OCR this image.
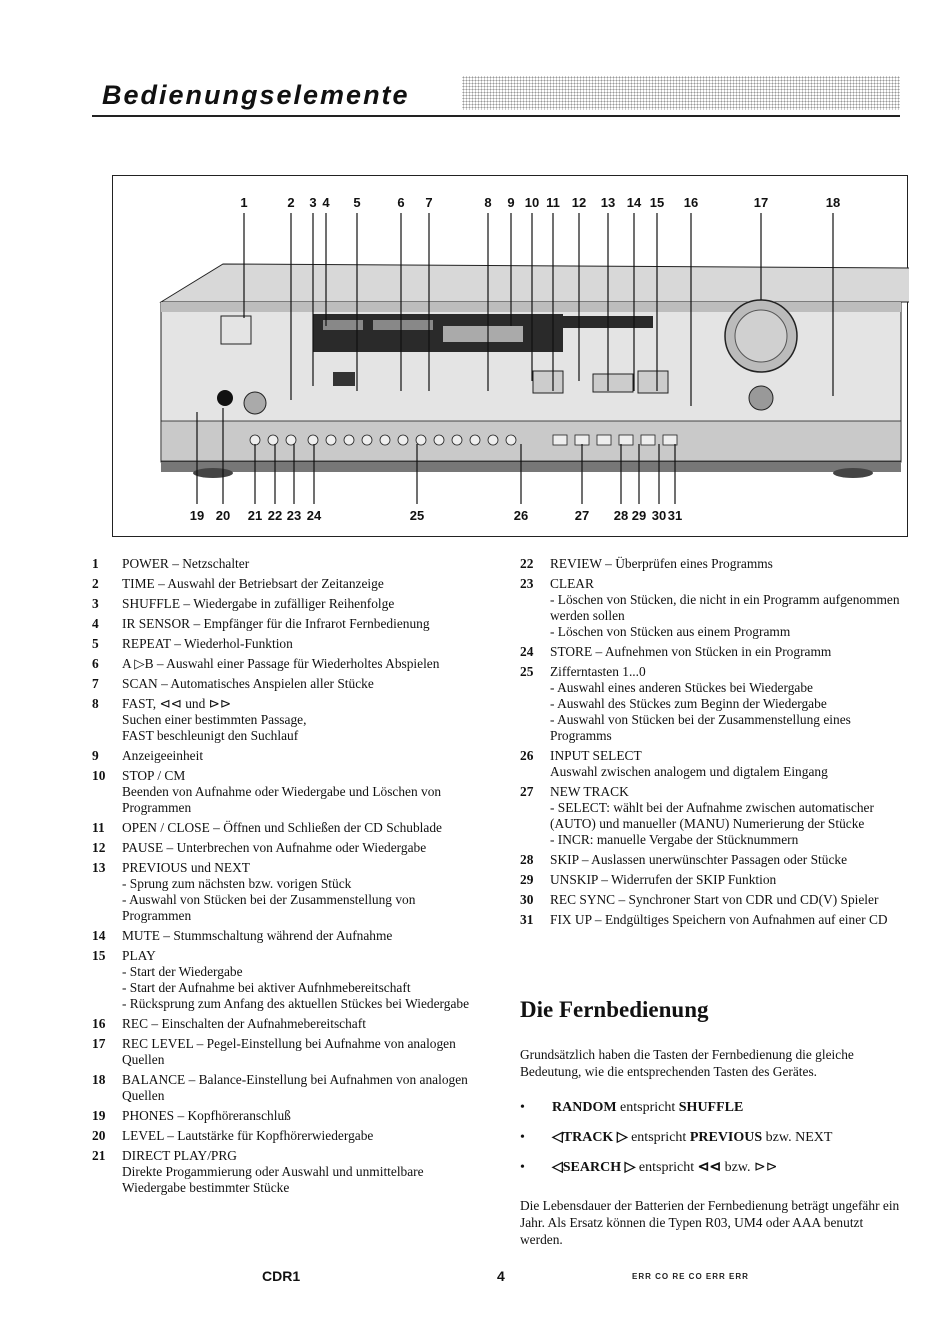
Bedienungselemente
1	2 3 4 5	6 7	8 9 10 11 12 13 14 15 16	17	18
19 20 21 22 23 24	25	26	27 28 29 30 31
1	POWER – Netzschalter
2	TIME – Auswahl der Betriebsart der Zeitanzeige
3	SHUFFLE – Wiedergabe in zufälliger Reihenfolge
4	IR SENSOR – Empfänger für die Infrarot Fernbedienung
5	REPEAT – Wiederhol-Funktion
6	A ▷B – Auswahl einer Passage für Wiederholtes Abspielen
7	SCAN – Automatisches Anspielen aller Stücke
8	FAST, ⊲⊲ und ⊳⊳
Suchen einer bestimmten Passage,
FAST beschleunigt den Suchlauf
9	Anzeigeeinheit
10	STOP / CM
Beenden von Aufnahme oder Wiedergabe und Löschen von Programmen
11	OPEN / CLOSE – Öffnen und Schließen der CD Schublade
12	PAUSE – Unterbrechen von Aufnahme oder Wiedergabe
13	PREVIOUS und NEXT
- Sprung zum nächsten bzw. vorigen Stück
- Auswahl von Stücken bei der Zusammenstellung von Programmen
14	MUTE – Stummschaltung während der Aufnahme
15	PLAY
- Start der Wiedergabe
- Start der Aufnahme bei aktiver Aufnhmebereitschaft
- Rücksprung zum Anfang des aktuellen Stückes bei Wiedergabe
16	REC – Einschalten der Aufnahmebereitschaft
17	REC LEVEL – Pegel-Einstellung bei Aufnahme von analogen Quellen
18	BALANCE – Balance-Einstellung bei Aufnahmen von analogen Quellen
19	PHONES – Kopfhöreranschluß
20	LEVEL – Lautstärke für Kopfhörerwiedergabe
21	DIRECT PLAY/PRG
Direkte Progammierung oder Auswahl und unmittelbare Wiedergabe bestimmter Stücke
22	REVIEW – Überprüfen eines Programms
23	CLEAR
- Löschen von Stücken, die nicht in ein Programm aufgenommen werden sollen
- Löschen von Stücken aus einem Programm
24	STORE – Aufnehmen von Stücken in ein Programm
25	Zifferntasten 1...0
- Auswahl eines anderen Stückes bei Wiedergabe
- Auswahl des Stückes zum Beginn der Wiedergabe
- Auswahl von Stücken bei der Zusammenstellung eines Programms
26	INPUT SELECT
Auswahl zwischen analogem und digtalem Eingang
27	NEW TRACK
- SELECT: wählt bei der Aufnahme zwischen automatischer (AUTO) und manueller (MANU) Numerierung der Stücke
- INCR: manuelle Vergabe der Stücknummern
28	SKIP – Auslassen unerwünschter Passagen oder Stücke
29	UNSKIP – Widerrufen der SKIP Funktion
30	REC SYNC – Synchroner Start von CDR und CD(V) Spieler
31	FIX UP – Endgültiges Speichern von Aufnahmen auf einer CD
Die Fernbedienung
Grundsätzlich haben die Tasten der Fernbedienung die gleiche Bedeutung, wie die entsprechenden Tasten des Gerätes.
• RANDOM entspricht SHUFFLE
• ◁TRACK ▷ entspricht PREVIOUS bzw. NEXT
• ◁SEARCH ▷ entspricht ⊲⊲ bzw. ⊳⊳
Die Lebensdauer der Batterien der Fernbedienung beträgt ungefähr ein Jahr. Als Ersatz können die Typen R03, UM4 oder AAA benutzt werden.
CDR1	4	ERR CO RE CO ERR ERR
